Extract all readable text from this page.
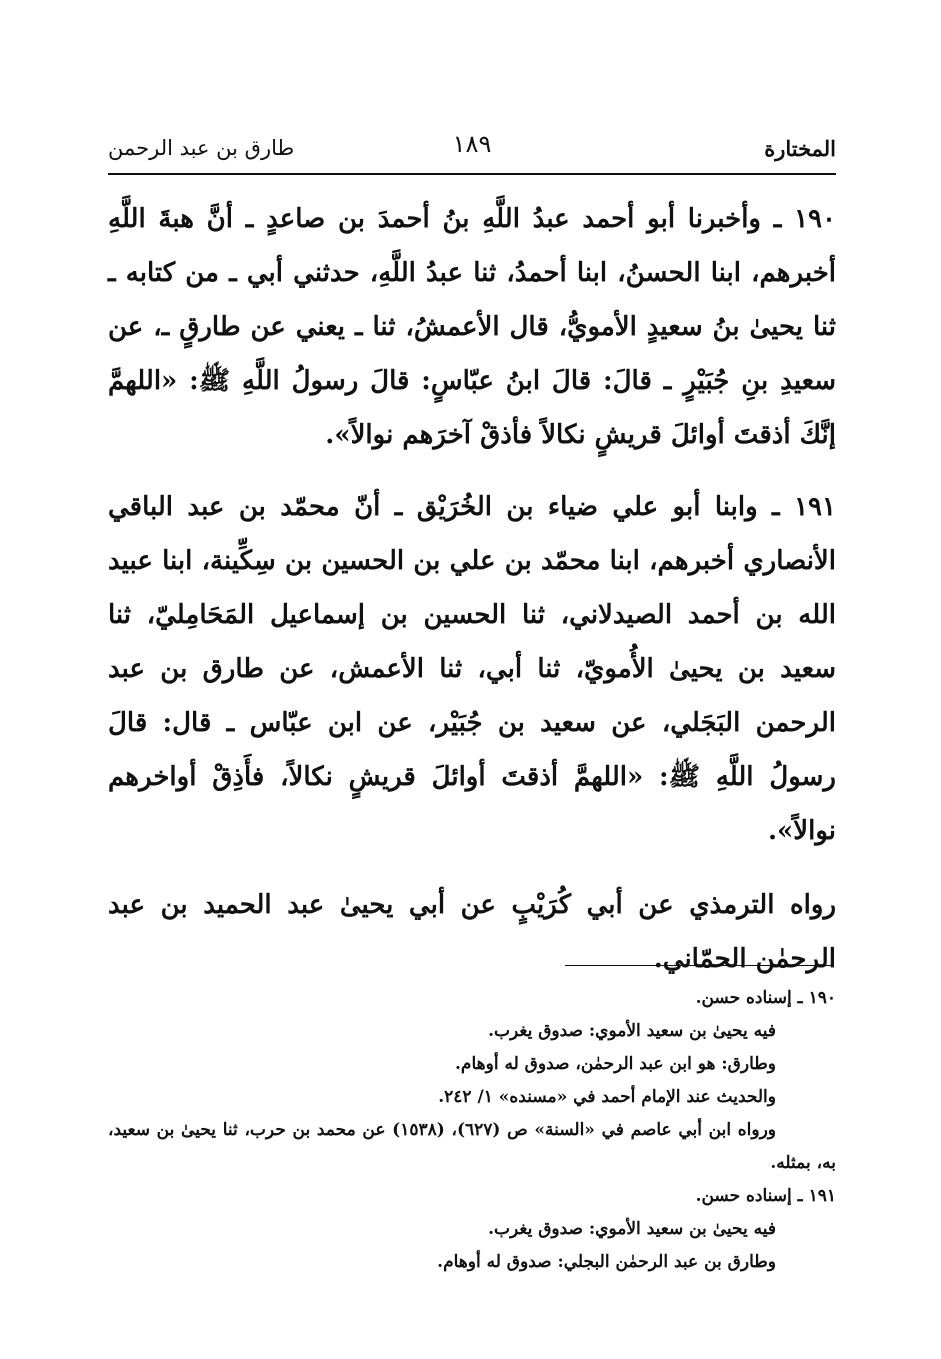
المختارة
١٨٩
طارق بن عبد الرحمن

١٩٠ ـ وأخبرنا أبو أحمد عبدُ اللَّهِ بنُ أحمدَ بن صاعدٍ ـ أنَّ هبةَ اللَّهِ أخبرهم، ابنا الحسنُ، ابنا أحمدُ، ثنا عبدُ اللَّهِ، حدثني أبي ـ من كتابه ـ ثنا يحيىٰ بنُ سعيدٍ الأمويُّ، قال الأعمشُ، ثنا ـ يعني عن طارقٍ ـ، عن سعيدِ بنِ جُبَيْرٍ ـ قالَ: قالَ ابنُ عبّاسٍ: قالَ رسولُ اللَّهِ ﷺ: «اللهمَّ إنَّكَ أذقتَ أوائلَ قريشٍ نكالاً فأذقْ آخرَهم نوالاً».

١٩١ ـ وابنا أبو علي ضياء بن الخُرَيْق ـ أنّ محمّد بن عبد الباقي الأنصاري أخبرهم، ابنا محمّد بن علي بن الحسين بن سِكِّينة، ابنا عبيد الله بن أحمد الصيدلاني، ثنا الحسين بن إسماعيل المَحَامِليّ، ثنا سعيد بن يحيىٰ الأُمويّ، ثنا أبي، ثنا الأعمش، عن طارق بن عبد الرحمن البَجَلي، عن سعيد بن جُبَيْر، عن ابن عبّاس ـ قال: قالَ رسولُ اللَّهِ ﷺ: «اللهمَّ أذقتَ أوائلَ قريشٍ نكالاً، فأَذِقْ أواخرهم نوالاً».

رواه الترمذي عن أبي كُرَيْبٍ عن أبي يحيىٰ عبد الحميد بن عبد الرحمٰن الحمّاني.

١٩٠ ـ إسناده حسن.

فيه يحيىٰ بن سعيد الأموي: صدوق يغرب.

وطارق: هو ابن عبد الرحمٰن، صدوق له أوهام.

والحديث عند الإمام أحمد في «مسنده» ١/ ٢٤٢.

ورواه ابن أبي عاصم في «السنة» ص (٦٢٧)، (١٥٣٨) عن محمد بن حرب، ثنا يحيىٰ بن سعيد، به، بمثله.

١٩١ ـ إسناده حسن.

فيه يحيىٰ بن سعيد الأموي: صدوق يغرب.

وطارق بن عبد الرحمٰن البجلي: صدوق له أوهام.
